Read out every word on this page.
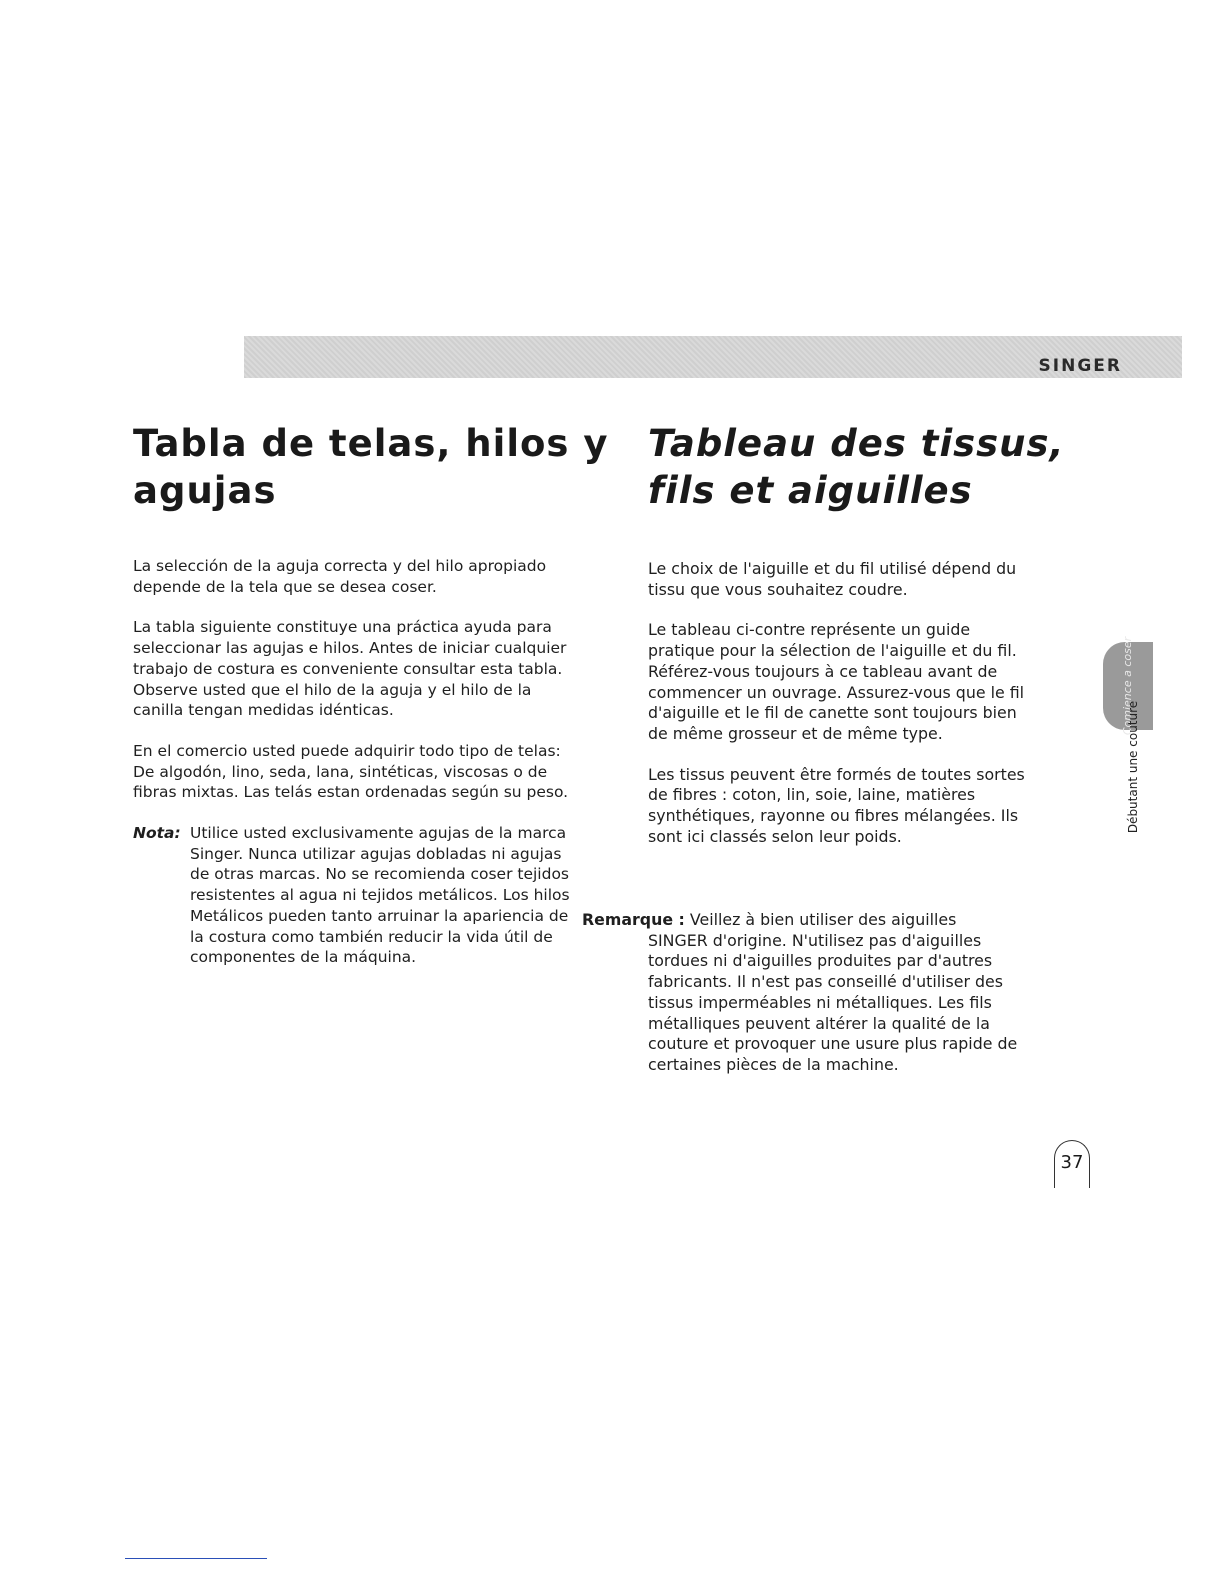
SINGER
Tabla de telas, hilos y agujas
Tableau des tissus, fils et aiguilles

La selección de la aguja correcta y del hilo apropiado depende de la tela que se desea coser.

La tabla siguiente constituye una práctica ayuda para seleccionar las agujas e hilos. Antes de iniciar cualquier trabajo de costura es conveniente consultar esta tabla. Observe usted que el hilo de la aguja y el hilo de la canilla tengan medidas idénticas.

En el comercio usted puede adquirir todo tipo de telas: De algodón, lino, seda, lana, sintéticas, viscosas o de fibras mixtas. Las telás estan ordenadas según su peso.

Nota: Utilice usted exclusivamente agujas de la marca Singer. Nunca utilizar agujas dobladas ni agujas de otras marcas. No se recomienda coser tejidos resistentes al agua ni tejidos metálicos. Los hilos Metálicos pueden tanto arruinar la apariencia de la costura como también reducir la vida útil de componentes de la máquina.

Le choix de l'aiguille et du fil utilisé dépend du tissu que vous souhaitez coudre.

Le tableau ci-contre représente un guide pratique pour la sélection de l'aiguille et du fil. Référez-vous toujours à ce tableau avant de commencer un ouvrage. Assurez-vous que le fil d'aiguille et le fil de canette sont toujours bien de même grosseur et de même type.

Les tissus peuvent être formés de toutes sortes de fibres : coton, lin, soie, laine, matières synthétiques, rayonne ou fibres mélangées. Ils sont ici classés selon leur poids.

Remarque : Veillez à bien utiliser des aiguilles
SINGER d'origine. N'utilisez pas d'aiguilles tordues ni d'aiguilles produites par d'autres fabricants. Il n'est pas conseillé d'utiliser des tissus imperméables ni métalliques. Les fils métalliques peuvent altérer la qualité de la couture et provoquer une usure plus rapide de certaines pièces de la machine.
Comience a coser
Débutant une couture
37
